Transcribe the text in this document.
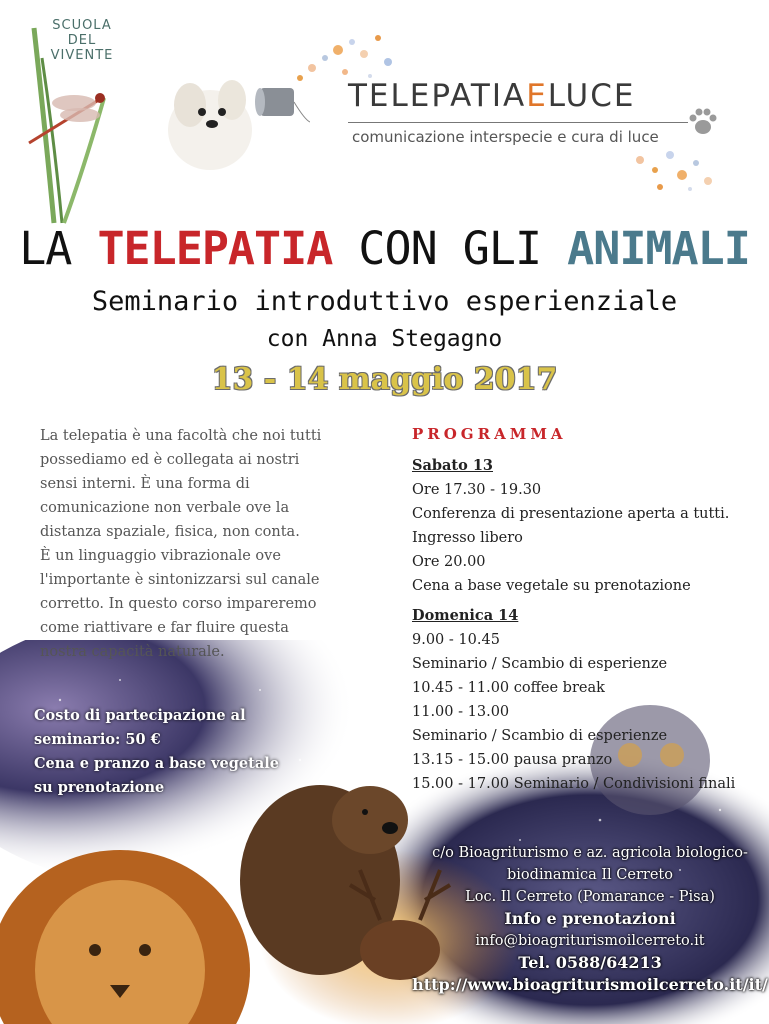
SCUOLA
DEL
VIVENTE
TELEPATIAELUCE
comunicazione interspecie e cura di luce
LA TELEPATIA CON GLI ANIMALI
Seminario introduttivo esperienziale
con Anna Stegagno
13 - 14 maggio 2017
La telepatia è una facoltà che noi tutti
possediamo ed è collegata ai nostri
sensi interni. È una forma di
comunicazione non verbale ove la
distanza spaziale, fisica, non conta.
È un linguaggio vibrazionale ove
l'importante è sintonizzarsi sul canale
corretto. In questo corso impareremo
come riattivare e far fluire questa
nostra capacità naturale.
PROGRAMMA
Sabato 13
Ore 17.30 - 19.30
Conferenza di presentazione aperta a tutti.
Ingresso libero
Ore 20.00
Cena a base vegetale su prenotazione
Domenica 14
9.00 - 10.45
Seminario / Scambio di esperienze
10.45 - 11.00 coffee break
11.00 - 13.00
Seminario / Scambio di esperienze
13.15 - 15.00 pausa pranzo
15.00 - 17.00 Seminario / Condivisioni finali
Costo di partecipazione al
seminario: 50 €
Cena e pranzo a base vegetale
su prenotazione
c/o Bioagriturismo e az. agricola biologico-
biodinamica Il Cerreto
Loc. Il Cerreto (Pomarance - Pisa)
Info e prenotazioni
info@bioagriturismoilcerreto.it
Tel. 0588/64213
http://www.bioagriturismoilcerreto.it/it/
